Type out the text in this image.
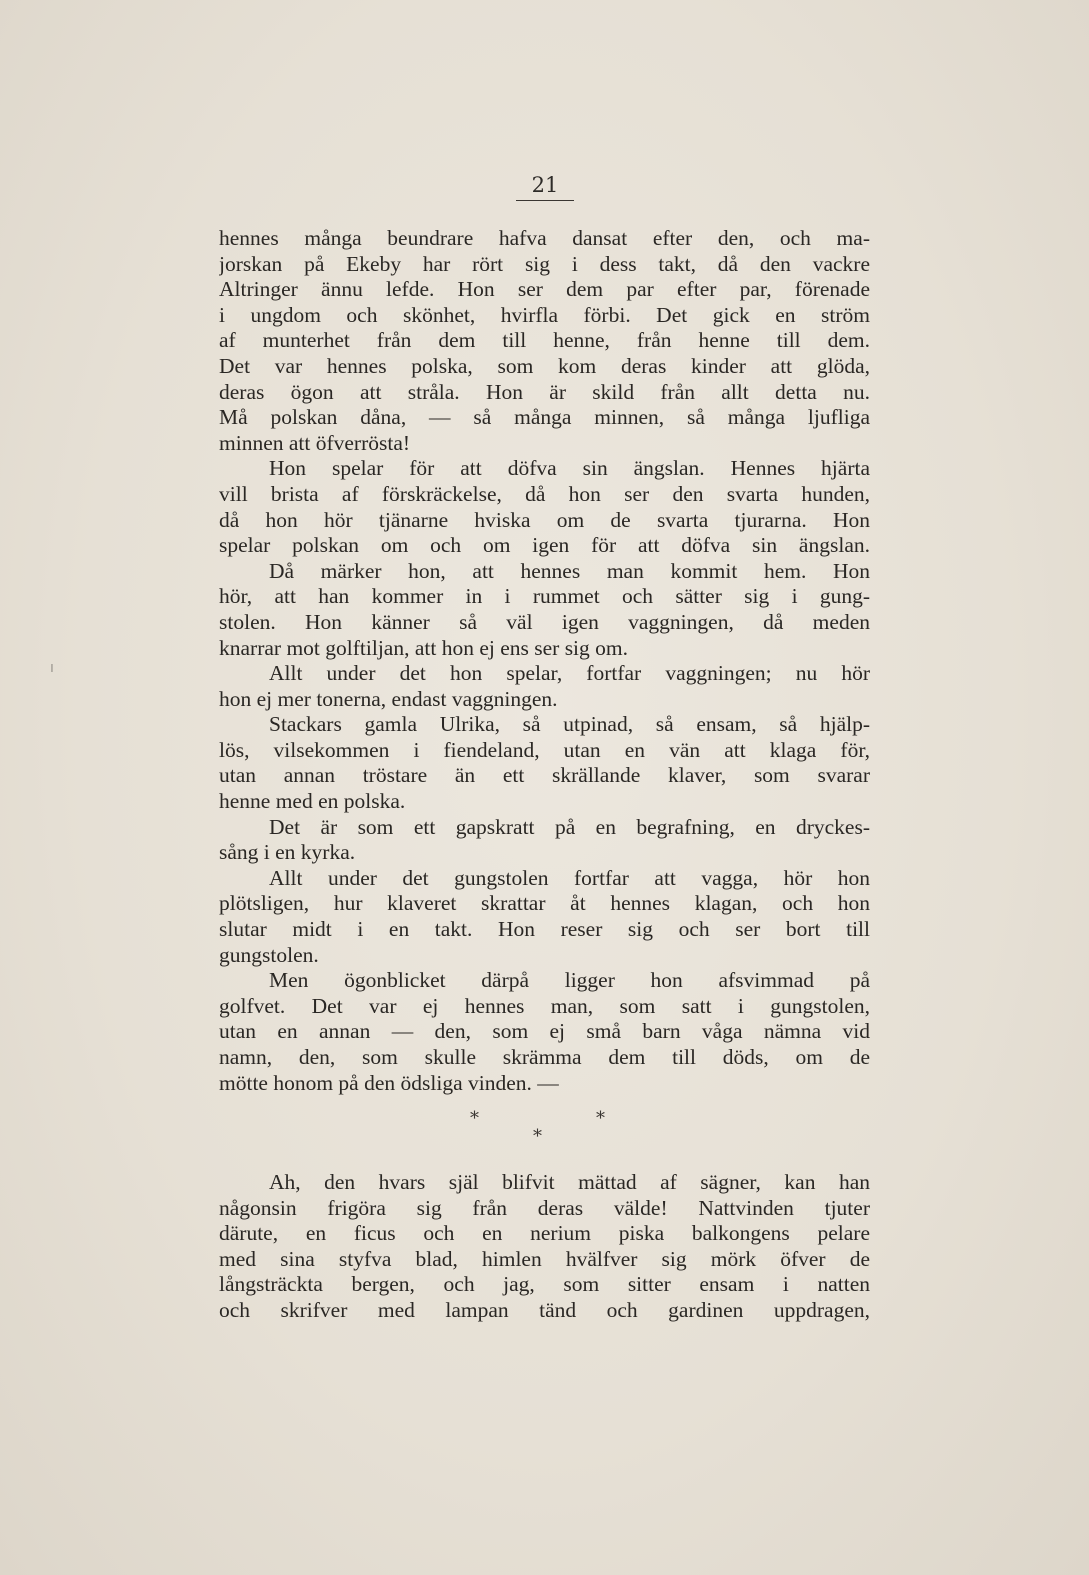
21
ı
hennes många beundrare hafva dansat efter den, och ma-
jorskan på Ekeby har rört sig i dess takt, då den vackre
Altringer ännu lefde. Hon ser dem par efter par, förenade
i ungdom och skönhet, hvirfla förbi. Det gick en ström
af munterhet från dem till henne, från henne till dem.
Det var hennes polska, som kom deras kinder att glöda,
deras ögon att stråla. Hon är skild från allt detta nu.
Må polskan dåna, — så många minnen, så många ljufliga
minnen att öfverrösta!
Hon spelar för att döfva sin ängslan. Hennes hjärta
vill brista af förskräckelse, då hon ser den svarta hunden,
då hon hör tjänarne hviska om de svarta tjurarna. Hon
spelar polskan om och om igen för att döfva sin ängslan.
Då märker hon, att hennes man kommit hem. Hon
hör, att han kommer in i rummet och sätter sig i gung-
stolen. Hon känner så väl igen vaggningen, då meden
knarrar mot golftiljan, att hon ej ens ser sig om.
Allt under det hon spelar, fortfar vaggningen; nu hör
hon ej mer tonerna, endast vaggningen.
Stackars gamla Ulrika, så utpinad, så ensam, så hjälp-
lös, vilsekommen i fiendeland, utan en vän att klaga för,
utan annan tröstare än ett skrällande klaver, som svarar
henne med en polska.
Det är som ett gapskratt på en begrafning, en dryckes-
sång i en kyrka.
Allt under det gungstolen fortfar att vagga, hör hon
plötsligen, hur klaveret skrattar åt hennes klagan, och hon
slutar midt i en takt. Hon reser sig och ser bort till
gungstolen.
Men ögonblicket därpå ligger hon afsvimmad på
golfvet. Det var ej hennes man, som satt i gungstolen,
utan en annan — den, som ej små barn våga nämna vid
namn, den, som skulle skrämma dem till döds, om de
mötte honom på den ödsliga vinden. —
*	*
*
Ah, den hvars själ blifvit mättad af sägner, kan han
någonsin frigöra sig från deras välde! Nattvinden tjuter
därute, en ficus och en nerium piska balkongens pelare
med sina styfva blad, himlen hvälfver sig mörk öfver de
långsträckta bergen, och jag, som sitter ensam i natten
och skrifver med lampan tänd och gardinen uppdragen,
